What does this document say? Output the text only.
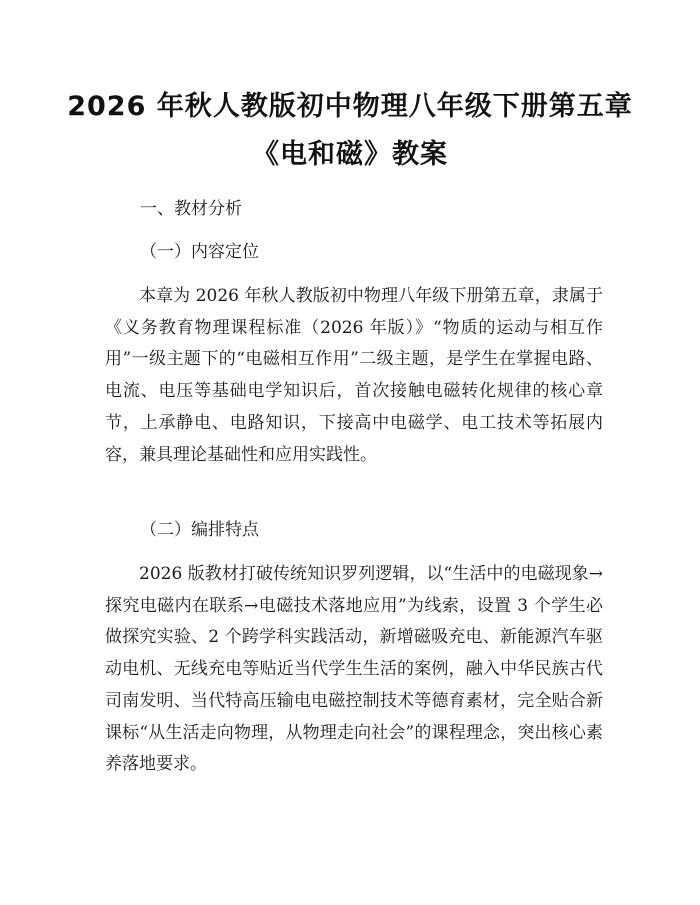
2026 年秋人教版初中物理八年级下册第五章
《电和磁》教案
一、教材分析
（一）内容定位
本章为 2026 年秋人教版初中物理八年级下册第五章，隶属于《义务教育物理课程标准（2026 年版）》“物质的运动与相互作用”一级主题下的“电磁相互作用”二级主题，是学生在掌握电路、电流、电压等基础电学知识后，首次接触电磁转化规律的核心章节，上承静电、电路知识，下接高中电磁学、电工技术等拓展内容，兼具理论基础性和应用实践性。
（二）编排特点
2026 版教材打破传统知识罗列逻辑，以“生活中的电磁现象→探究电磁内在联系→电磁技术落地应用”为线索，设置 3 个学生必做探究实验、2 个跨学科实践活动，新增磁吸充电、新能源汽车驱动电机、无线充电等贴近当代学生生活的案例，融入中华民族古代司南发明、当代特高压输电电磁控制技术等德育素材，完全贴合新课标“从生活走向物理，从物理走向社会”的课程理念，突出核心素养落地要求。
